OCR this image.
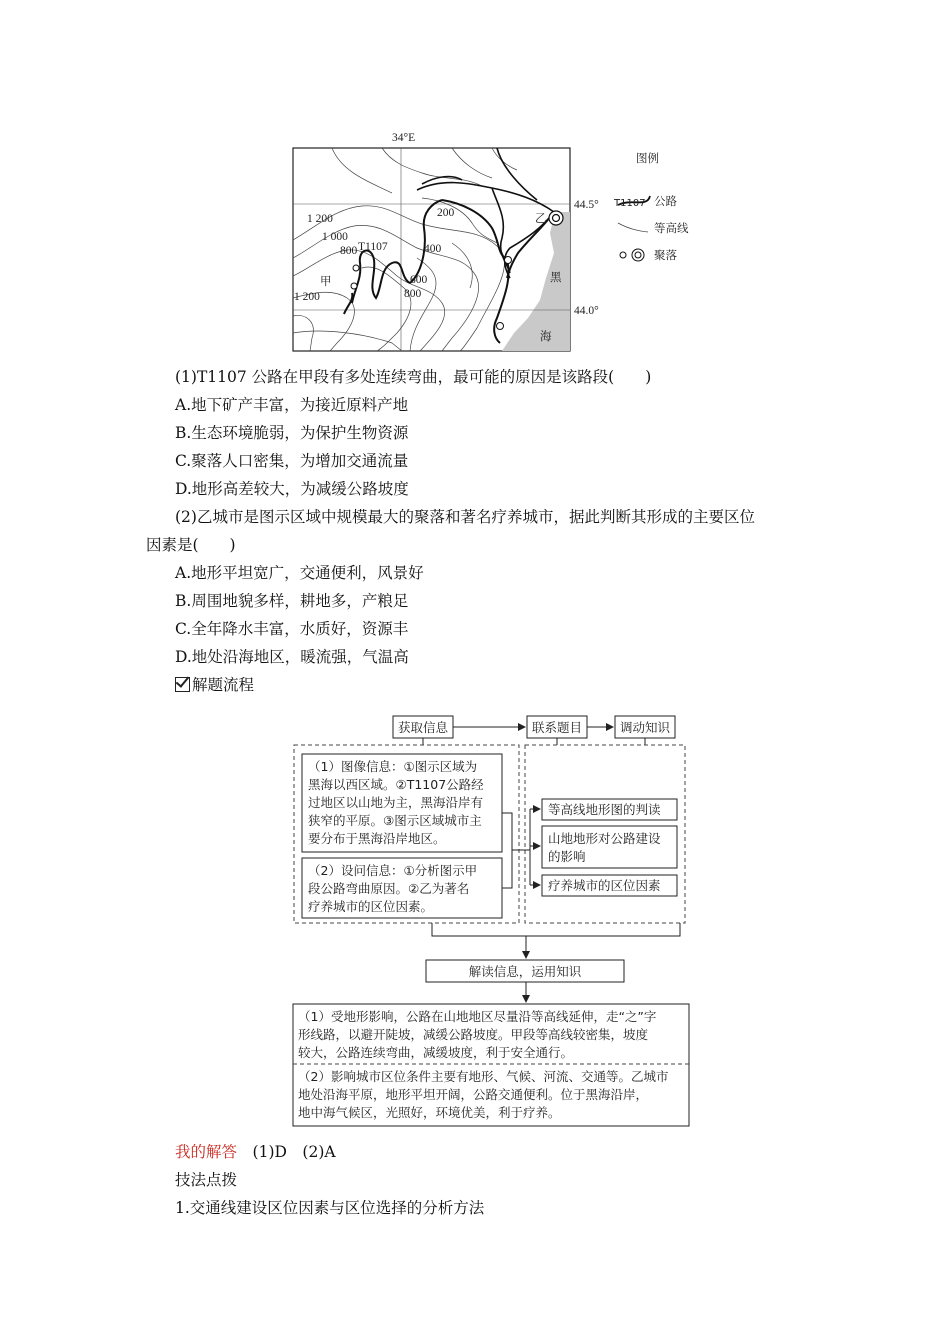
34°E
44.5°
44.0°
1 200
1 000
800
200
400
600
800
1 200
T1107
甲
乙
黑
海
图例
T1107 公路
等高线
聚落
(1)T1107 公路在甲段有多处连续弯曲，最可能的原因是该路段(　　)
A.地下矿产丰富，为接近原料产地
B.生态环境脆弱，为保护生物资源
C.聚落人口密集，为增加交通流量
D.地形高差较大，为减缓公路坡度
(2)乙城市是图示区域中规模最大的聚落和著名疗养城市，据此判断其形成的主要区位
因素是(　　)
A.地形平坦宽广，交通便利，风景好
B.周围地貌多样，耕地多，产粮足
C.全年降水丰富，水质好，资源丰
D.地处沿海地区，暖流强，气温高
解题流程
获取信息	联系题目	调动知识
（1）图像信息：①图示区域为
黑海以西区域。②T1107公路经
过地区以山地为主，黑海沿岸有
狭窄的平原。③图示区域城市主
要分布于黑海沿岸地区。
（2）设问信息：①分析图示甲
段公路弯曲原因。②乙为著名
疗养城市的区位因素。
等高线地形图的判读
山地地形对公路建设
的影响
疗养城市的区位因素
解读信息，运用知识
（1）受地形影响，公路在山地地区尽量沿等高线延伸，走“之”字
形线路，以避开陡坡，减缓公路坡度。甲段等高线较密集，坡度
较大，公路连续弯曲，减缓坡度，利于安全通行。
（2）影响城市区位条件主要有地形、气候、河流、交通等。乙城市
地处沿海平原，地形平坦开阔，公路交通便利。位于黑海沿岸，
地中海气候区，光照好，环境优美，利于疗养。
我的解答　 (1)D　(2)A
技法点拨
1.交通线建设区位因素与区位选择的分析方法
